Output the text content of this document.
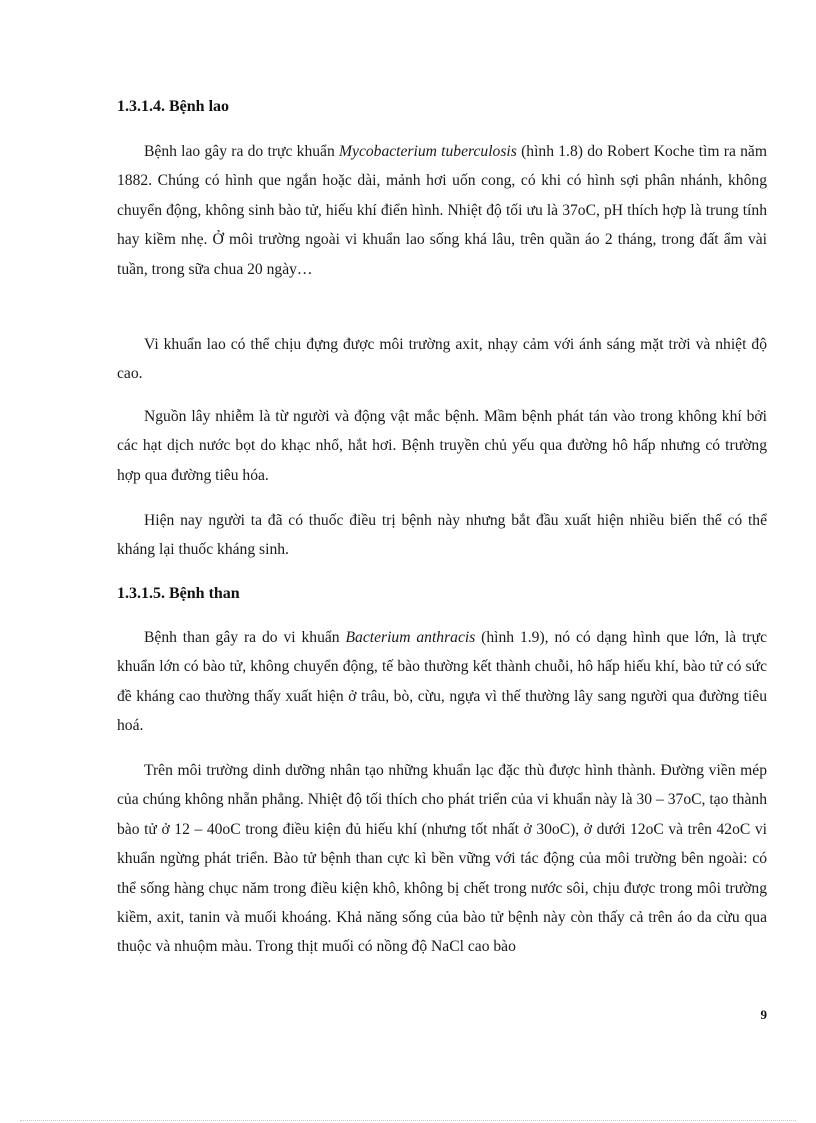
1.3.1.4. Bệnh lao

Bệnh lao gây ra do trực khuẩn Mycobacterium tuberculosis (hình 1.8) do Robert Koche tìm ra năm 1882. Chúng có hình que ngắn hoặc dài, mảnh hơi uốn cong, có khi có hình sợi phân nhánh, không chuyển động, không sinh bào tử, hiếu khí điển hình. Nhiệt độ tối ưu là 37oC, pH thích hợp là trung tính hay kiềm nhẹ. Ở môi trường ngoài vi khuẩn lao sống khá lâu, trên quần áo 2 tháng, trong đất ẩm vài tuần, trong sữa chua 20 ngày…

Vi khuẩn lao có thể chịu đựng được môi trường axit, nhạy cảm với ánh sáng mặt trời và nhiệt độ cao.

Nguồn lây nhiễm là từ người và động vật mắc bệnh. Mầm bệnh phát tán vào trong không khí bởi các hạt dịch nước bọt do khạc nhổ, hắt hơi. Bệnh truyền chủ yếu qua đường hô hấp nhưng có trường hợp qua đường tiêu hóa.

Hiện nay người ta đã có thuốc điều trị bệnh này nhưng bắt đầu xuất hiện nhiều biến thể có thể kháng lại thuốc kháng sinh.

1.3.1.5. Bệnh than

Bệnh than gây ra do vi khuẩn Bacterium anthracis (hình 1.9), nó có dạng hình que lớn, là trực khuẩn lớn có bào tử, không chuyển động, tế bào thường kết thành chuỗi, hô hấp hiếu khí, bào tử có sức đề kháng cao thường thấy xuất hiện ở trâu, bò, cừu, ngựa vì thế thường lây sang người qua đường tiêu hoá.

Trên môi trường dinh dưỡng nhân tạo những khuẩn lạc đặc thù được hình thành. Đường viền mép của chúng không nhẵn phẳng. Nhiệt độ tối thích cho phát triển của vi khuẩn này là 30 – 37oC, tạo thành bào tử ở 12 – 40oC trong điều kiện đủ hiếu khí (nhưng tốt nhất ở 30oC), ở dưới 12oC và trên 42oC vi khuẩn ngừng phát triển. Bào tử bệnh than cực kì bền vững với tác động của môi trường bên ngoài: có thể sống hàng chục năm trong điều kiện khô, không bị chết trong nước sôi, chịu được trong môi trường kiềm, axit, tanin và muối khoáng. Khả năng sống của bào tử bệnh này còn thấy cả trên áo da cừu qua thuộc và nhuộm màu. Trong thịt muối có nồng độ NaCl cao bào

9
